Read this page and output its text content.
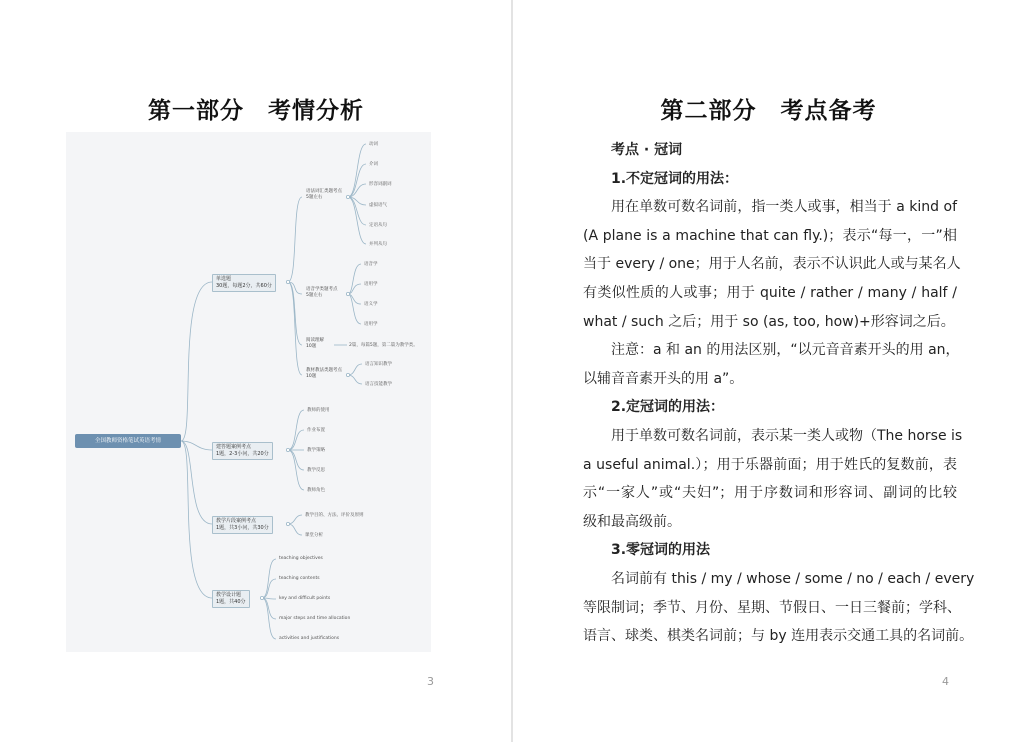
第一部分　考情分析
全国教师资格笔试英语考情
单选题
30题，每题2分，共60分
语法词汇类题考点
5题左右
语音学类题考点
5题左右
阅读理解
10题
教材教法类题考点
10题
动词
介词
形容词副词
虚拟语气
定语从句
并列从句
语音学
语用学
语义学
语用学
2篇，每篇5题，第二篇为教学类。
语言知识教学
语言技能教学
建答题案例考点
1题，2-3小问，共20分
教师的使用
作业布置
教学策略
教学反思
教师角色
教学片段案例考点
1题，共3小问，共30分
教学目的、方法、评价及原则
课堂分析
教学设计题
1题，共40分
teaching objectives
teaching contents
key and difficult points
major steps and time allocation
activities and justifications
3
第二部分　考点备考
考点 · 冠词
1.不定冠词的用法：
用在单数可数名词前，指一类人或事，相当于 a kind of
(A plane is a machine that can fly.)；表示“每一，一”相
当于 every / one；用于人名前，表示不认识此人或与某名人
有类似性质的人或事；用于 quite / rather / many / half /
what / such 之后；用于 so (as, too, how)+形容词之后。
注意：a 和 an 的用法区别，“以元音音素开头的用 an，
以辅音音素开头的用 a”。
2.定冠词的用法：
用于单数可数名词前，表示某一类人或物（The horse is
a useful animal.）；用于乐器前面；用于姓氏的复数前，表
示“一家人”或“夫妇”；用于序数词和形容词、副词的比较
级和最高级前。
3.零冠词的用法
名词前有 this / my / whose / some / no / each / every
等限制词；季节、月份、星期、节假日、一日三餐前；学科、
语言、球类、棋类名词前；与 by 连用表示交通工具的名词前。
4
